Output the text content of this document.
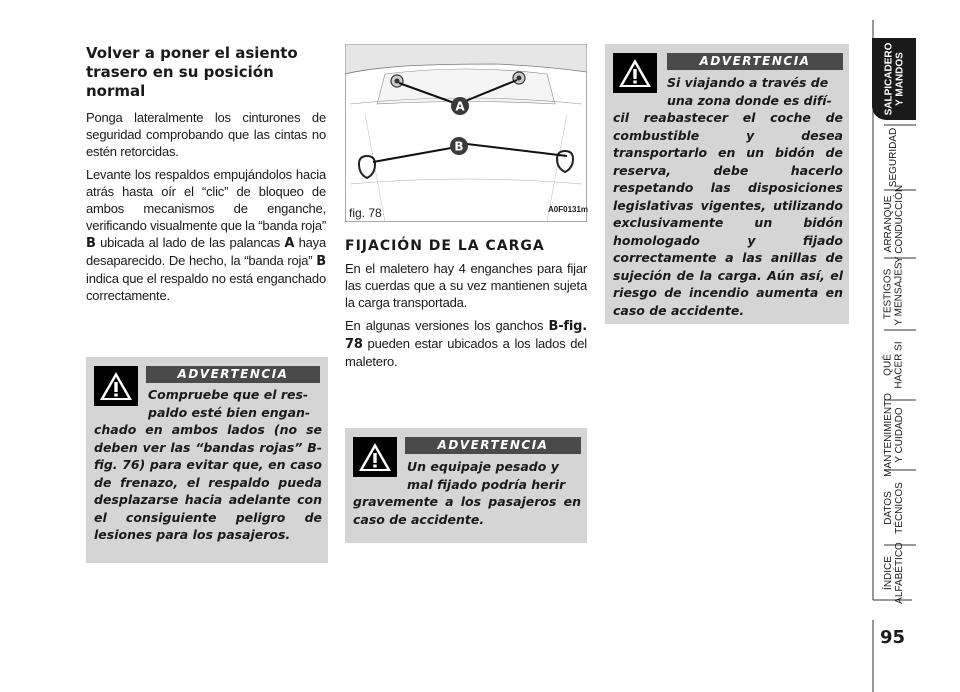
Volver a poner el asiento
trasero en su posición normal

Ponga lateralmente los cinturones de seguridad comprobando que las cintas no estén retorcidas.

Levante los respaldos empujándolos hacia atrás hasta oír el “clic” de bloqueo de ambos mecanismos de enganche, verificando visualmente que la “banda roja” B ubicada al lado de las palancas A haya desaparecido. De hecho, la “banda roja” B indica que el respaldo no está enganchado correctamente.

ADVERTENCIA
Compruebe que el res-
paldo esté bien engan-
chado en ambos lados (no se deben ver las “bandas rojas” B-fig. 76) para evitar que, en caso de frenazo, el respaldo pueda desplazarse hacia adelante con el consiguiente peligro de lesiones para los pasajeros.
A
B
fig. 78	A0F0131m
FIJACIÓN DE LA CARGA

En el maletero hay 4 enganches para fijar las cuerdas que a su vez mantienen sujeta la carga transportada.

En algunas versiones los ganchos B-fig. 78 pueden estar ubicados a los lados del maletero.

ADVERTENCIA
Un equipaje pesado y
mal fijado podría herir
gravemente a los pasajeros en caso de accidente.
ADVERTENCIA
Si viajando a través de
una zona donde es difí-
cil reabastecer el coche de combustible y desea transportarlo en un bidón de reserva, debe hacerlo respetando las disposiciones legislativas vigentes, utilizando exclusivamente un bidón homologado y fijado correctamente a las anillas de sujeción de la carga. Aún así, el riesgo de incendio aumenta en caso de accidente.
SALPICADERO
Y MANDOS
SEGURIDAD
ARRANQUE
Y CONDUCCIÓN
TESTIGOS
Y MENSAJES
QUÉ
HACER SI
MANTENIMIENTO
Y CUIDADO
DATOS
TÉCNICOS
ÍNDICE
ALFABÉTICO
95
